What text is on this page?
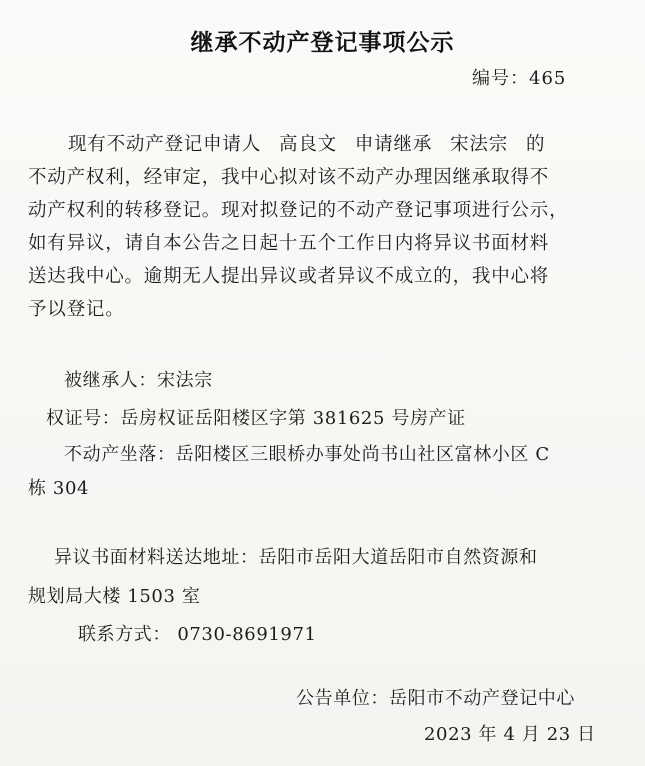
继承不动产登记事项公示
编号：465
现有不动产登记申请人 高良文 申请继承 宋法宗 的
不动产权利，经审定，我中心拟对该不动产办理因继承取得不
动产权利的转移登记。现对拟登记的不动产登记事项进行公示，
如有异议，请自本公告之日起十五个工作日内将异议书面材料
送达我中心。逾期无人提出异议或者异议不成立的，我中心将
予以登记。
被继承人：宋法宗
权证号：岳房权证岳阳楼区字第 381625 号房产证
不动产坐落：岳阳楼区三眼桥办事处尚书山社区富林小区 C
栋 304
异议书面材料送达地址：岳阳市岳阳大道岳阳市自然资源和
规划局大楼 1503 室
联系方式： 0730-8691971
公告单位：岳阳市不动产登记中心
2023 年 4 月 23 日
